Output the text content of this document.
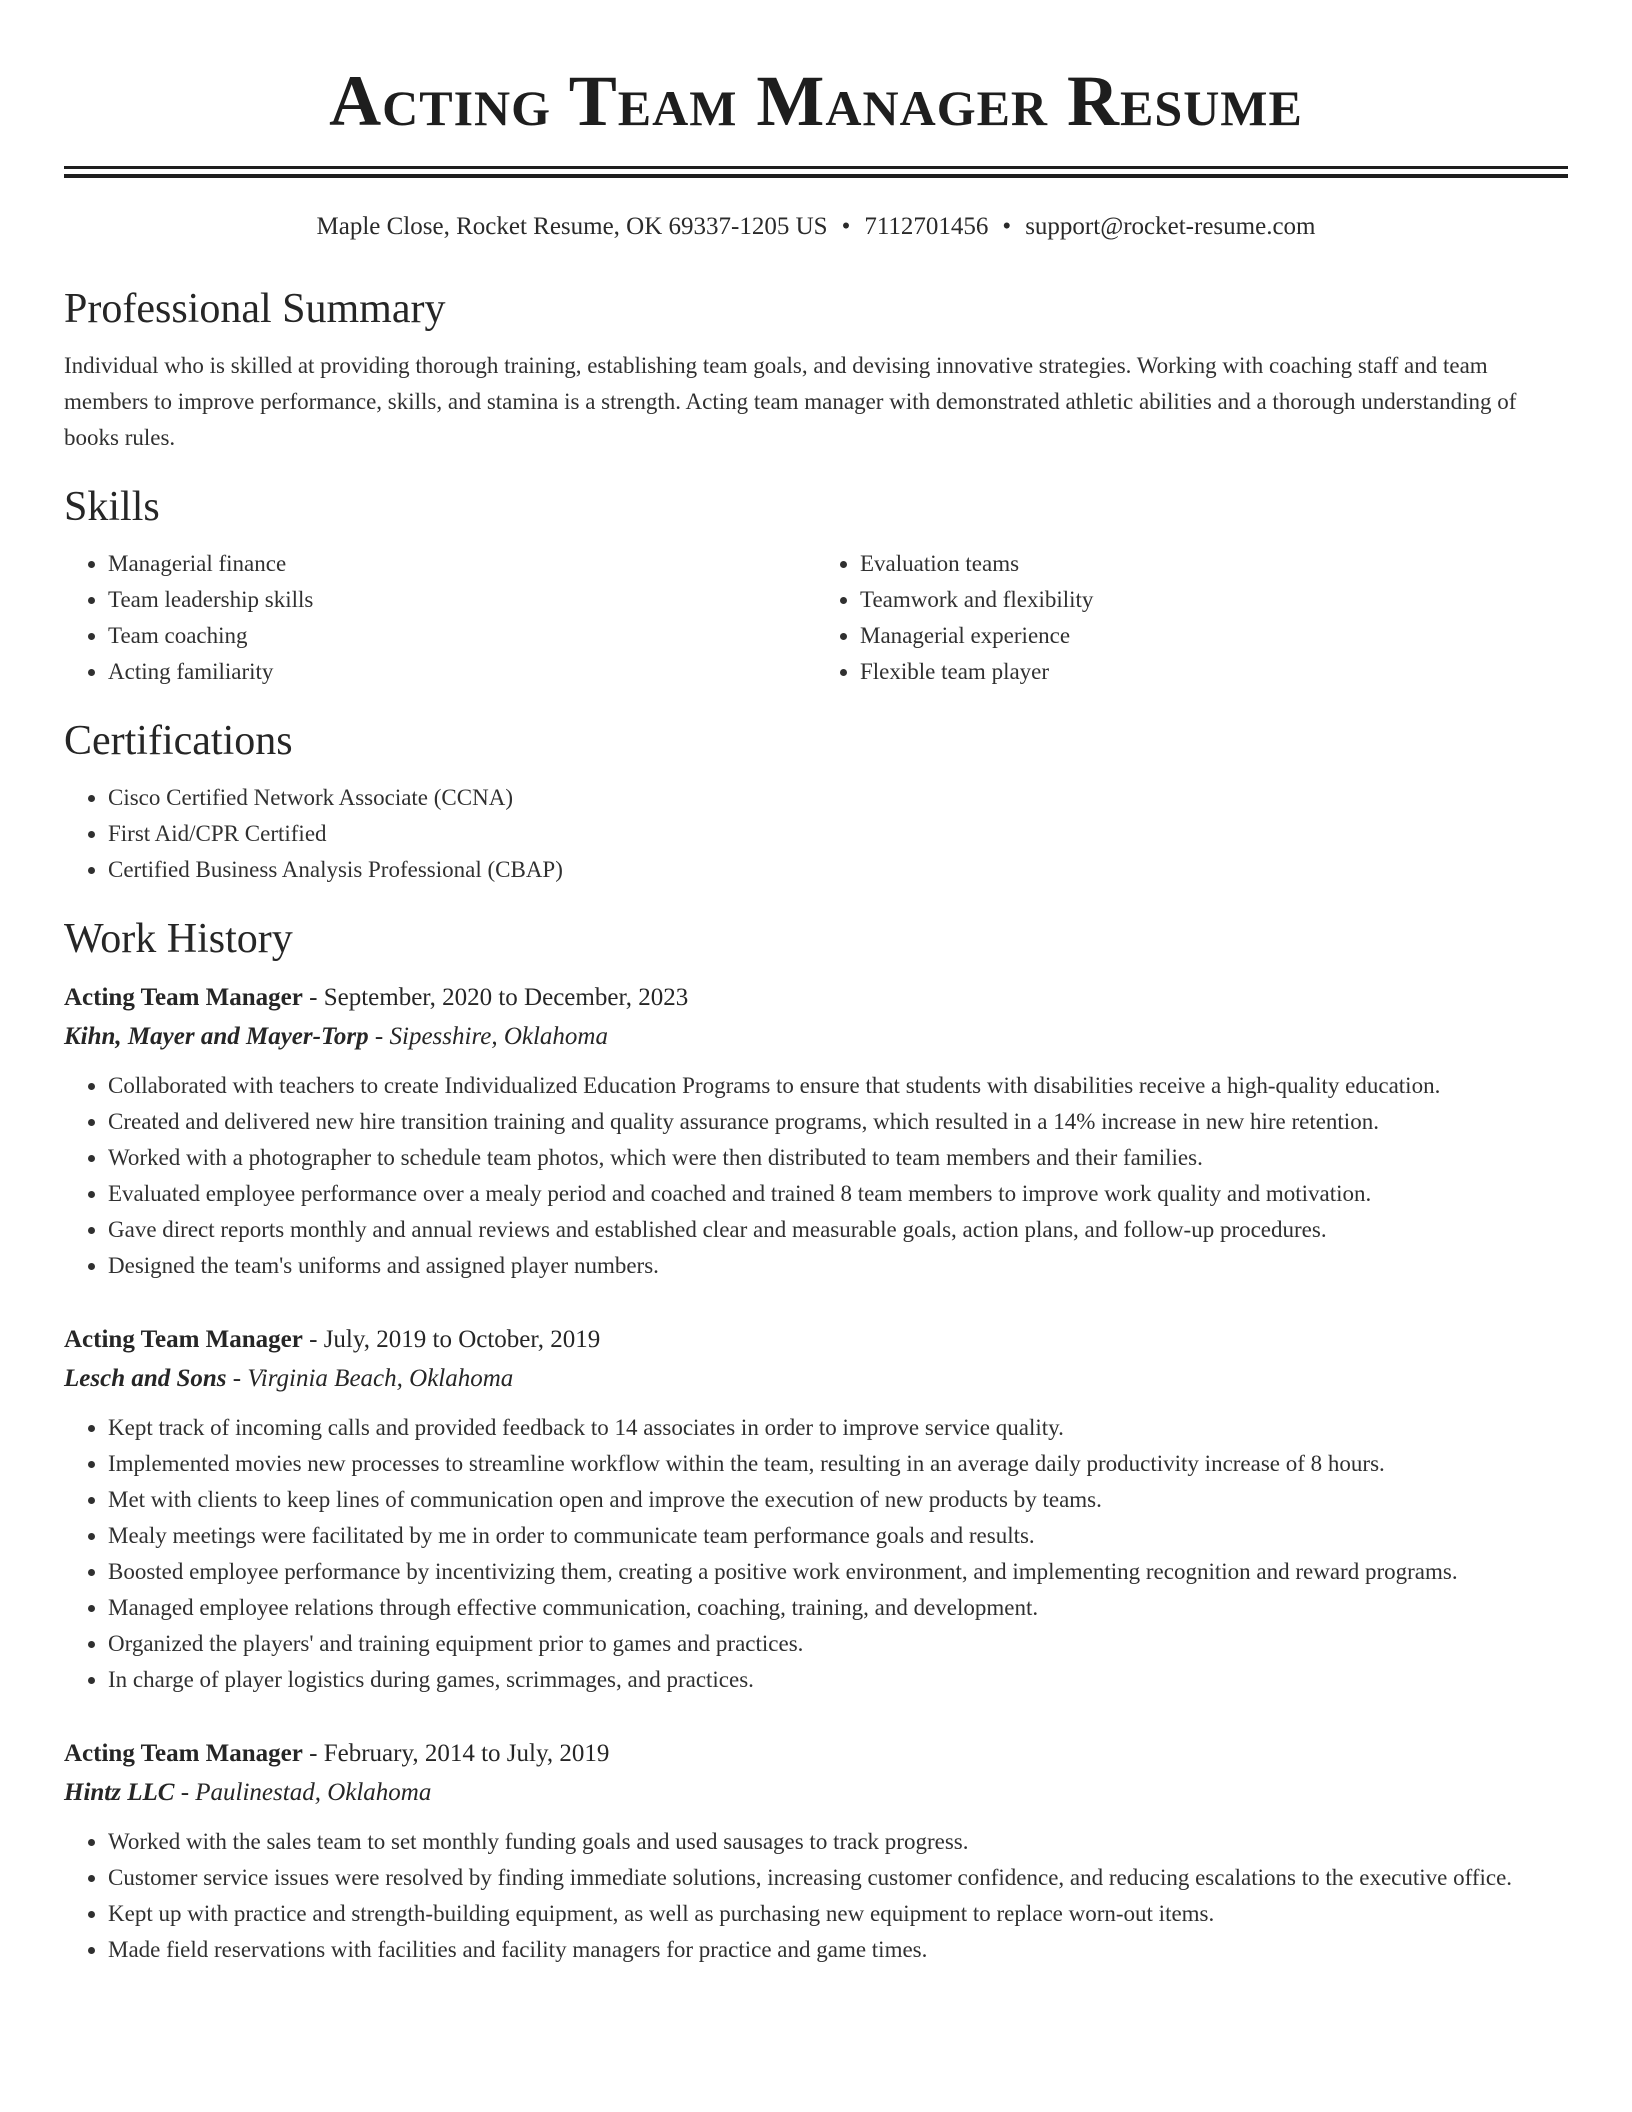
Acting Team Manager Resume
Maple Close, Rocket Resume, OK 69337-1205 US • 7112701456 • support@rocket-resume.com
Professional Summary

Individual who is skilled at providing thorough training, establishing team goals, and devising innovative strategies. Working with coaching staff and team members to improve performance, skills, and stamina is a strength. Acting team manager with demonstrated athletic abilities and a thorough understanding of books rules.

Skills
• Managerial finance
• Team leadership skills
• Team coaching
• Acting familiarity
• Evaluation teams
• Teamwork and flexibility
• Managerial experience
• Flexible team player
Certifications
• Cisco Certified Network Associate (CCNA)
• First Aid/CPR Certified
• Certified Business Analysis Professional (CBAP)
Work History
Acting Team Manager - September, 2020 to December, 2023
Kihn, Mayer and Mayer-Torp - Sipesshire, Oklahoma
• Collaborated with teachers to create Individualized Education Programs to ensure that students with disabilities receive a high-quality education.
• Created and delivered new hire transition training and quality assurance programs, which resulted in a 14% increase in new hire retention.
• Worked with a photographer to schedule team photos, which were then distributed to team members and their families.
• Evaluated employee performance over a mealy period and coached and trained 8 team members to improve work quality and motivation.
• Gave direct reports monthly and annual reviews and established clear and measurable goals, action plans, and follow-up procedures.
• Designed the team's uniforms and assigned player numbers.
Acting Team Manager - July, 2019 to October, 2019
Lesch and Sons - Virginia Beach, Oklahoma
• Kept track of incoming calls and provided feedback to 14 associates in order to improve service quality.
• Implemented movies new processes to streamline workflow within the team, resulting in an average daily productivity increase of 8 hours.
• Met with clients to keep lines of communication open and improve the execution of new products by teams.
• Mealy meetings were facilitated by me in order to communicate team performance goals and results.
• Boosted employee performance by incentivizing them, creating a positive work environment, and implementing recognition and reward programs.
• Managed employee relations through effective communication, coaching, training, and development.
• Organized the players' and training equipment prior to games and practices.
• In charge of player logistics during games, scrimmages, and practices.
Acting Team Manager - February, 2014 to July, 2019
Hintz LLC - Paulinestad, Oklahoma
• Worked with the sales team to set monthly funding goals and used sausages to track progress.
• Customer service issues were resolved by finding immediate solutions, increasing customer confidence, and reducing escalations to the executive office.
• Kept up with practice and strength-building equipment, as well as purchasing new equipment to replace worn-out items.
• Made field reservations with facilities and facility managers for practice and game times.
